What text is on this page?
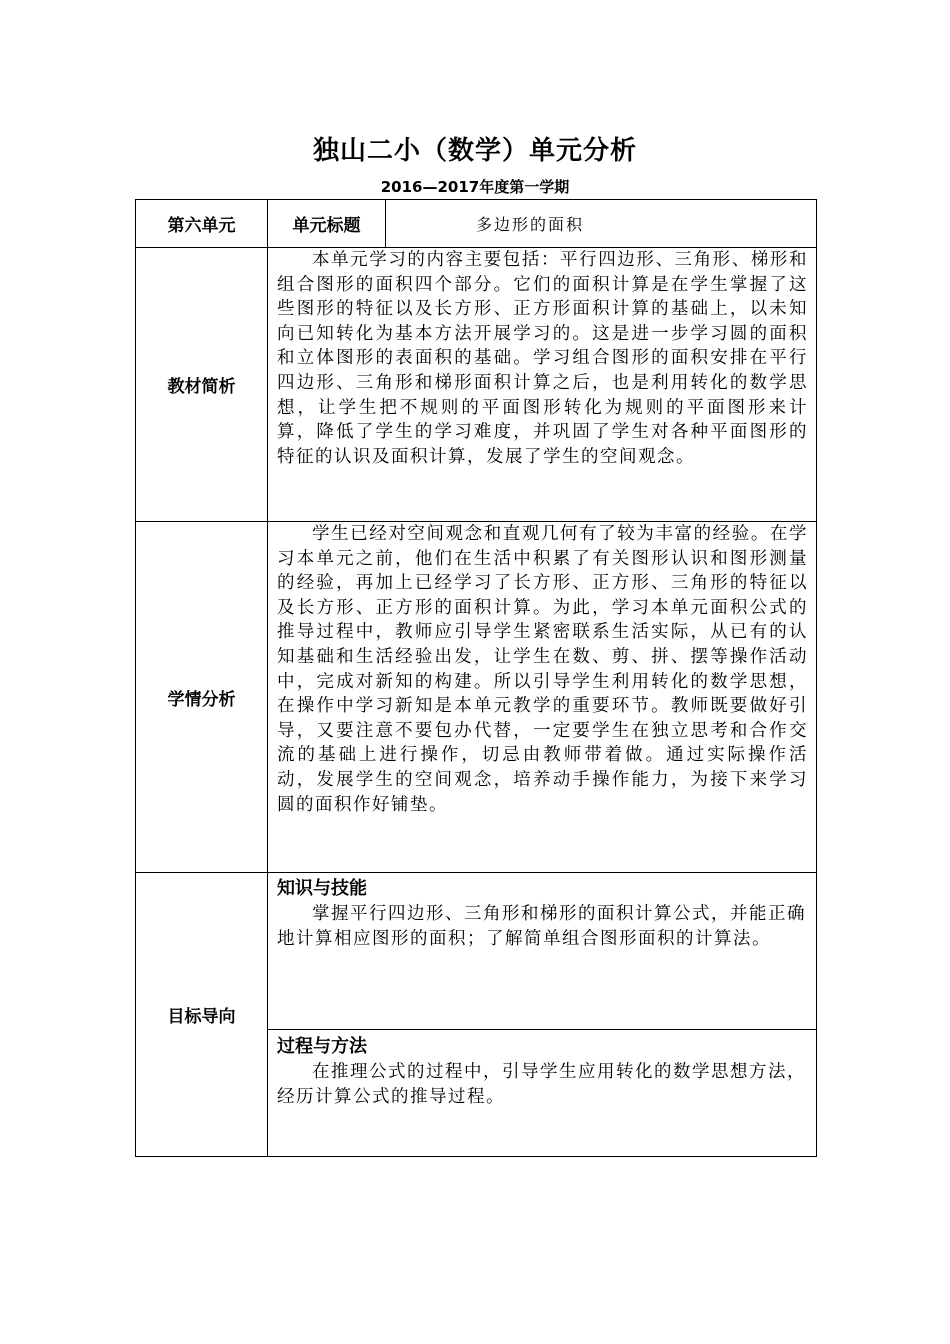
独山二小（数学）单元分析
2016—2017年度第一学期
第六单元	单元标题	多边形的面积
教材简析	本单元学习的内容主要包括：平行四边形、三角形、梯形和组合图形的面积四个部分。它们的面积计算是在学生掌握了这些图形的特征以及长方形、正方形面积计算的基础上，以未知向已知转化为基本方法开展学习的。这是进一步学习圆的面积和立体图形的表面积的基础。学习组合图形的面积安排在平行四边形、三角形和梯形面积计算之后，也是利用转化的数学思想，让学生把不规则的平面图形转化为规则的平面图形来计算，降低了学生的学习难度，并巩固了学生对各种平面图形的特征的认识及面积计算，发展了学生的空间观念。	
学情分析	学生已经对空间观念和直观几何有了较为丰富的经验。在学习本单元之前，他们在生活中积累了有关图形认识和图形测量的经验，再加上已经学习了长方形、正方形、三角形的特征以及长方形、正方形的面积计算。为此，学习本单元面积公式的推导过程中，教师应引导学生紧密联系生活实际，从已有的认知基础和生活经验出发，让学生在数、剪、拼、摆等操作活动中，完成对新知的构建。所以引导学生利用转化的数学思想，在操作中学习新知是本单元教学的重要环节。教师既要做好引导，又要注意不要包办代替，一定要学生在独立思考和合作交流的基础上进行操作，切忌由教师带着做。通过实际操作活动，发展学生的空间观念，培养动手操作能力，为接下来学习圆的面积作好铺垫。	
目标导向	知识与技能
掌握平行四边形、三角形和梯形的面积计算公式，并能正确地计算相应图形的面积；了解简单组合图形面积的计算法。
过程与方法
在推理公式的过程中，引导学生应用转化的数学思想方法，经历计算公式的推导过程。	
